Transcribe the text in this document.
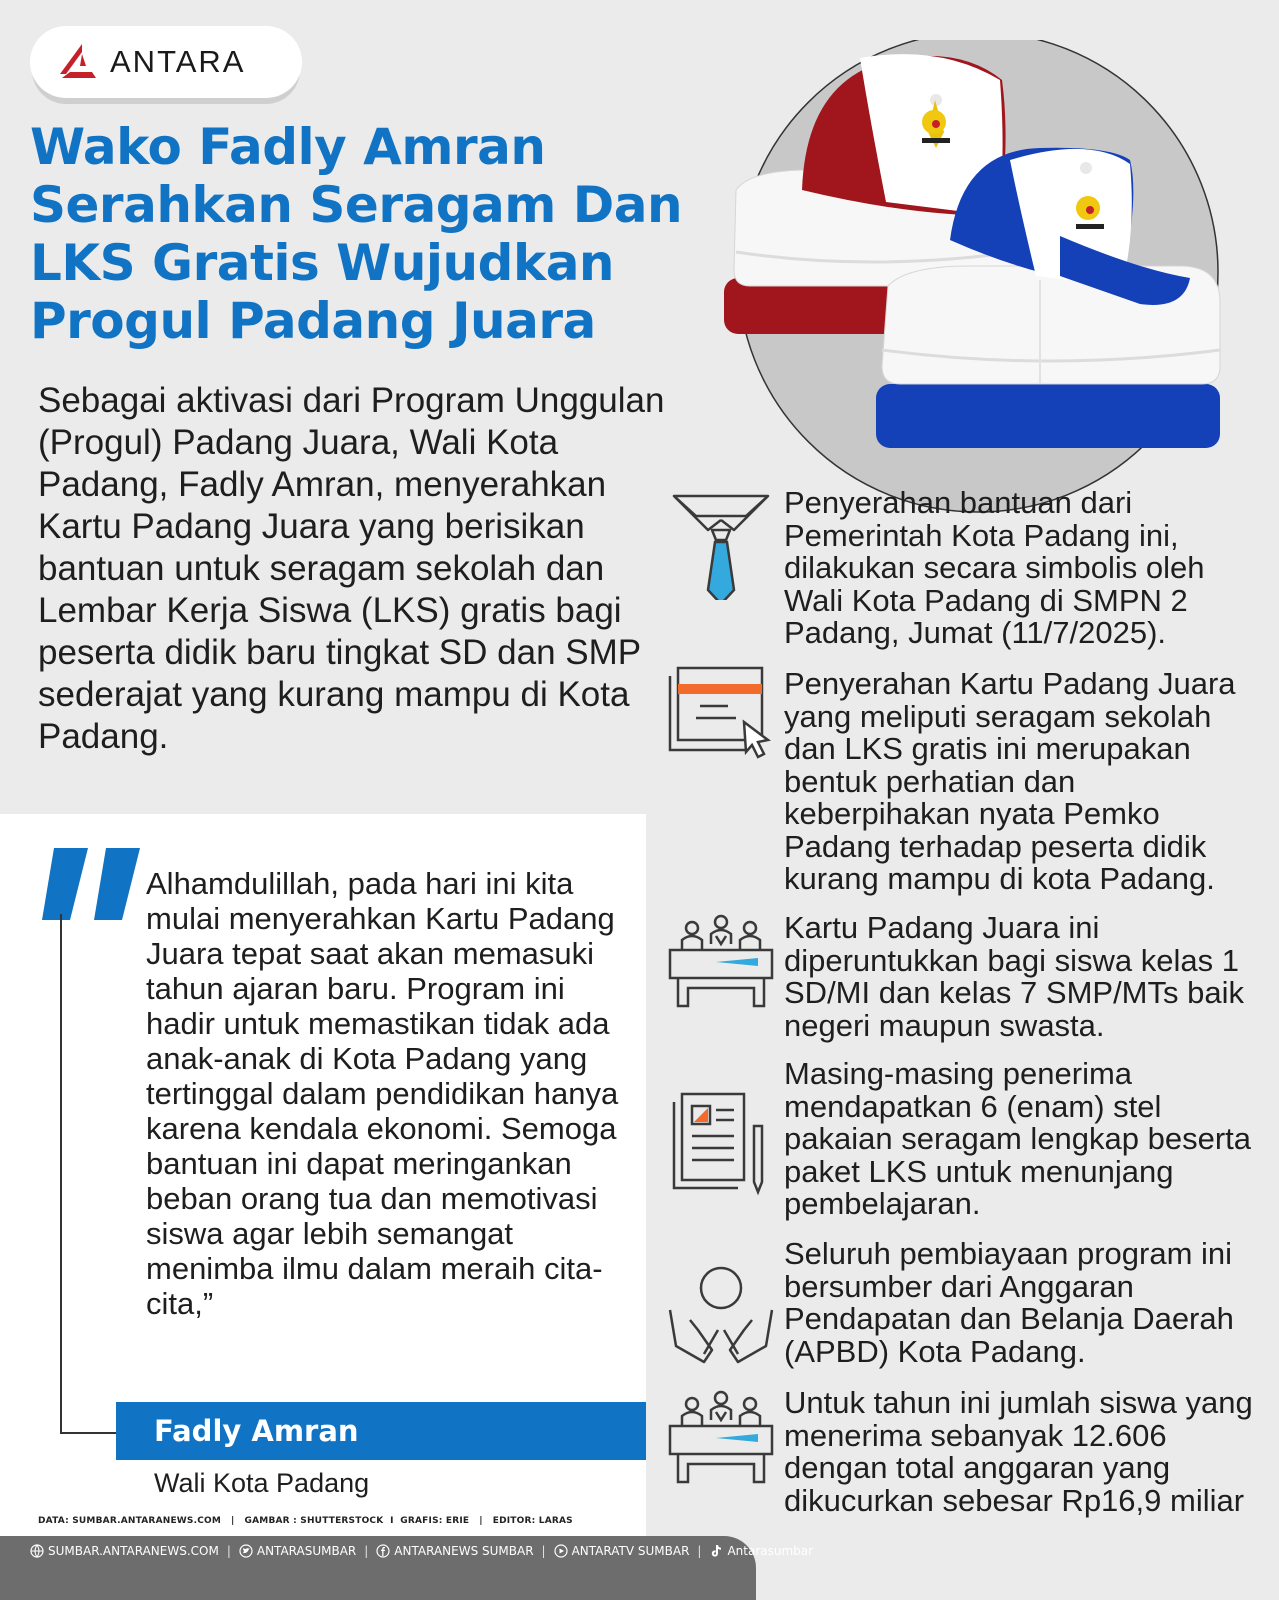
ANTARA
Wako Fadly Amran Serahkan Seragam Dan LKS Gratis Wujudkan Progul Padang Juara

Sebagai aktivasi dari Program Unggulan (Progul) Padang Juara, Wali Kota Padang, Fadly Amran, menyerahkan Kartu Padang Juara yang berisikan bantuan untuk seragam sekolah dan Lembar Kerja Siswa (LKS) gratis bagi peserta didik baru tingkat SD dan SMP sederajat yang kurang mampu di Kota Padang.

Alhamdulillah, pada hari ini kita mulai menyerahkan Kartu Padang Juara tepat saat akan memasuki tahun ajaran baru. Program ini hadir untuk memastikan tidak ada anak-anak di Kota Padang yang tertinggal dalam pendidikan hanya karena kendala ekonomi. Semoga bantuan ini dapat meringankan beban orang tua dan memotivasi siswa agar lebih semangat menimba ilmu dalam meraih cita-cita,”

Fadly Amran
Wali Kota Padang
DATA: SUMBAR.ANTARANEWS.COM   |   GAMBAR : SHUTTERSTOCK  I  GRAFIS: ERIE   |   EDITOR: LARAS

Penyerahan bantuan dari Pemerintah Kota Padang ini, dilakukan secara simbolis oleh Wali Kota Padang di SMPN 2 Padang, Jumat (11/7/2025).

Penyerahan Kartu Padang Juara yang meliputi seragam sekolah dan LKS gratis ini merupakan bentuk perhatian dan keberpihakan nyata Pemko Padang terhadap peserta didik kurang mampu di kota Padang.

Kartu Padang Juara ini diperuntukkan bagi siswa kelas 1 SD/MI dan kelas 7 SMP/MTs baik negeri maupun swasta.

Masing-masing penerima mendapatkan 6 (enam) stel pakaian seragam lengkap beserta paket LKS untuk menunjang pembelajaran.

Seluruh pembiayaan program ini bersumber dari Anggaran Pendapatan dan Belanja Daerah (APBD) Kota Padang.

Untuk tahun ini jumlah siswa yang menerima sebanyak 12.606 dengan total anggaran yang dikucurkan sebesar Rp16,9 miliar

SUMBAR.ANTARANEWS.COM | ANTARASUMBAR | ANTARANEWS SUMBAR | ANTARATV SUMBAR | Antarasumbar
